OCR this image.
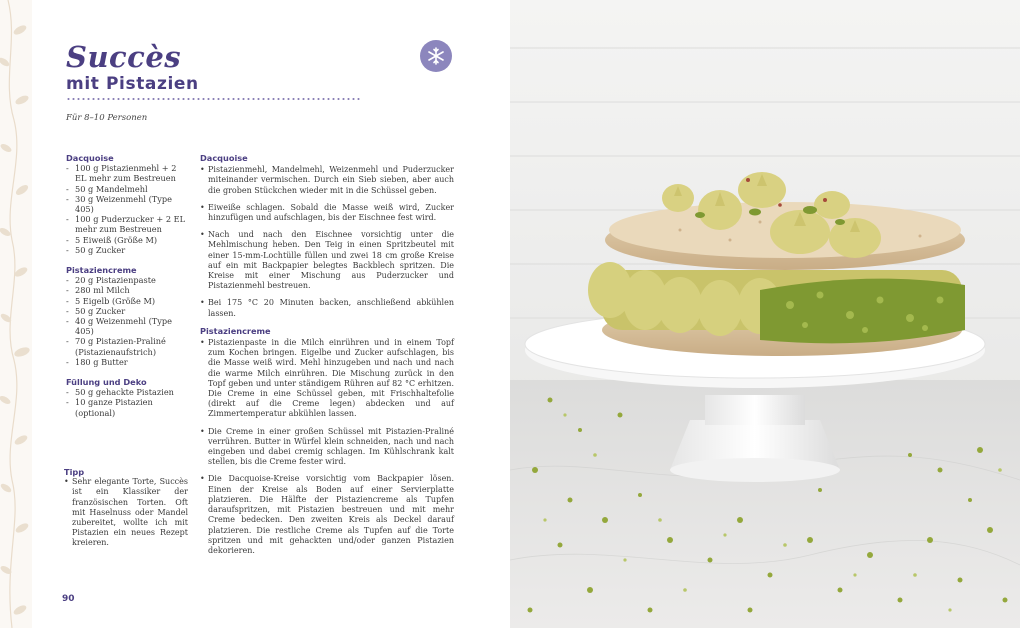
Succès
mit Pistazien
Für 8–10 Personen
Dacquoise
- 100 g Pistazienmehl + 2 EL mehr zum Bestreuen
- 50 g Mandelmehl
- 30 g Weizenmehl (Type 405)
- 100 g Puderzucker + 2 EL mehr zum Bestreuen
- 5 Eiweiß (Größe M)
- 50 g Zucker
Pistaziencreme
- 20 g Pistazienpaste
- 280 ml Milch
- 5 Eigelb (Größe M)
- 50 g Zucker
- 40 g Weizenmehl (Type 405)
- 70 g Pistazien-Praliné (Pistazienaufstrich)
- 180 g Butter
Füllung und Deko
- 50 g gehackte Pistazien
- 10 ganze Pistazien (optional)
Tipp
• Sehr elegante Torte, Succès ist ein Klassiker der französischen Torten. Oft mit Haselnuss oder Mandel zubereitet, wollte ich mit Pistazien ein neues Rezept kreieren.
Dacquoise
• Pistazienmehl, Mandelmehl, Weizenmehl und Puderzucker miteinander vermischen. Durch ein Sieb sieben, aber auch die groben Stückchen wieder mit in die Schüssel geben.
• Eiweiße schlagen. Sobald die Masse weiß wird, Zucker hinzufügen und aufschlagen, bis der Eischnee fest wird.
• Nach und nach den Eischnee vorsichtig unter die Mehlmischung heben. Den Teig in einen Spritzbeutel mit einer 15-mm-Lochtülle füllen und zwei 18 cm große Kreise auf ein mit Backpapier belegtes Backblech spritzen. Die Kreise mit einer Mischung aus Puderzucker und Pistazienmehl bestreuen.
• Bei 175 °C 20 Minuten backen, anschließend abkühlen lassen.
Pistaziencreme
• Pistazienpaste in die Milch einrühren und in einem Topf zum Kochen bringen. Eigelbe und Zucker aufschlagen, bis die Masse weiß wird. Mehl hinzugeben und nach und nach die warme Milch einrühren. Die Mischung zurück in den Topf geben und unter ständigem Rühren auf 82 °C erhitzen. Die Creme in eine Schüssel geben, mit Frischhaltefolie (direkt auf die Creme legen) abdecken und auf Zimmertemperatur abkühlen lassen.
• Die Creme in einer großen Schüssel mit Pistazien-Praliné verrühren. Butter in Würfel klein schneiden, nach und nach eingeben und dabei cremig schlagen. Im Kühlschrank kalt stellen, bis die Creme fester wird.
• Die Dacquoise-Kreise vorsichtig vom Backpapier lösen. Einen der Kreise als Boden auf einer Servierplatte platzieren. Die Hälfte der Pistaziencreme als Tupfen daraufspritzen, mit Pistazien bestreuen und mit mehr Creme bedecken. Den zweiten Kreis als Deckel darauf platzieren. Die restliche Creme als Tupfen auf die Torte spritzen und mit gehackten und/oder ganzen Pistazien dekorieren.
90
